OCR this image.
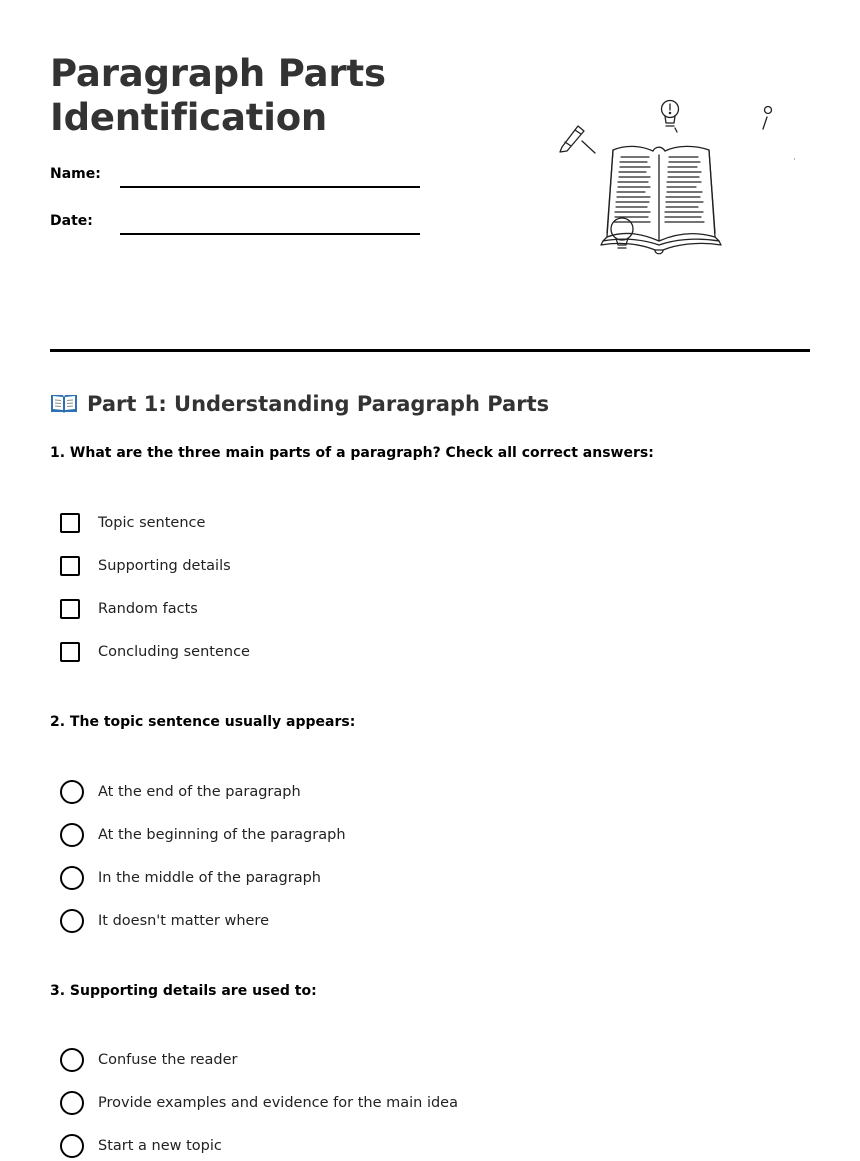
Paragraph Parts Identification
Name:
Date:
Part 1: Understanding Paragraph Parts
1. What are the three main parts of a paragraph? Check all correct answers:
Topic sentence
Supporting details
Random facts
Concluding sentence
2. The topic sentence usually appears:
At the end of the paragraph
At the beginning of the paragraph
In the middle of the paragraph
It doesn't matter where
3. Supporting details are used to:
Confuse the reader
Provide examples and evidence for the main idea
Start a new topic
